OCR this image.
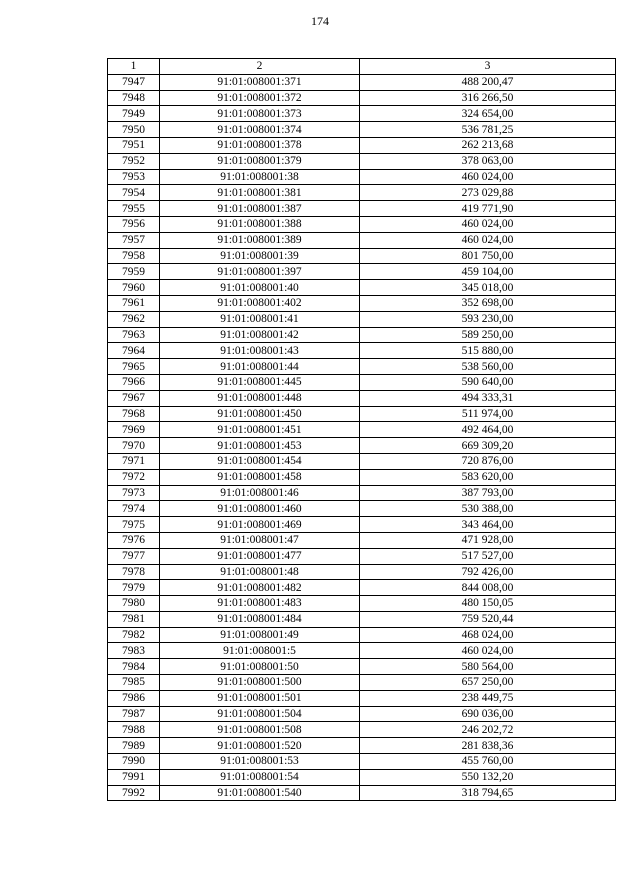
174
1	2	3
7947	91:01:008001:371	488 200,47
7948	91:01:008001:372	316 266,50
7949	91:01:008001:373	324 654,00
7950	91:01:008001:374	536 781,25
7951	91:01:008001:378	262 213,68
7952	91:01:008001:379	378 063,00
7953	91:01:008001:38	460 024,00
7954	91:01:008001:381	273 029,88
7955	91:01:008001:387	419 771,90
7956	91:01:008001:388	460 024,00
7957	91:01:008001:389	460 024,00
7958	91:01:008001:39	801 750,00
7959	91:01:008001:397	459 104,00
7960	91:01:008001:40	345 018,00
7961	91:01:008001:402	352 698,00
7962	91:01:008001:41	593 230,00
7963	91:01:008001:42	589 250,00
7964	91:01:008001:43	515 880,00
7965	91:01:008001:44	538 560,00
7966	91:01:008001:445	590 640,00
7967	91:01:008001:448	494 333,31
7968	91:01:008001:450	511 974,00
7969	91:01:008001:451	492 464,00
7970	91:01:008001:453	669 309,20
7971	91:01:008001:454	720 876,00
7972	91:01:008001:458	583 620,00
7973	91:01:008001:46	387 793,00
7974	91:01:008001:460	530 388,00
7975	91:01:008001:469	343 464,00
7976	91:01:008001:47	471 928,00
7977	91:01:008001:477	517 527,00
7978	91:01:008001:48	792 426,00
7979	91:01:008001:482	844 008,00
7980	91:01:008001:483	480 150,05
7981	91:01:008001:484	759 520,44
7982	91:01:008001:49	468 024,00
7983	91:01:008001:5	460 024,00
7984	91:01:008001:50	580 564,00
7985	91:01:008001:500	657 250,00
7986	91:01:008001:501	238 449,75
7987	91:01:008001:504	690 036,00
7988	91:01:008001:508	246 202,72
7989	91:01:008001:520	281 838,36
7990	91:01:008001:53	455 760,00
7991	91:01:008001:54	550 132,20
7992	91:01:008001:540	318 794,65
